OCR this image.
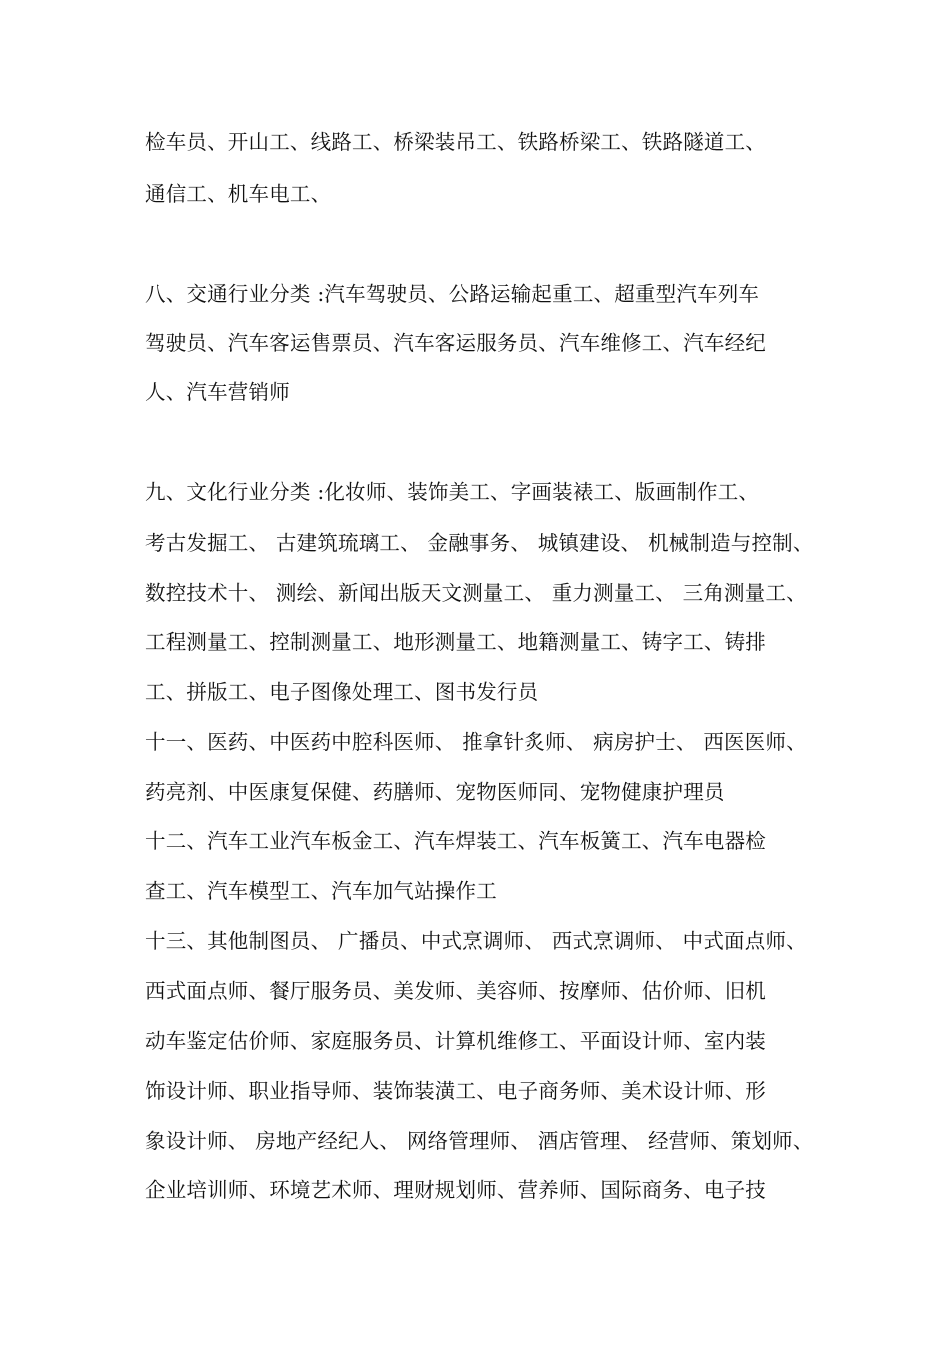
检车员、开山工、线路工、桥梁装吊工、铁路桥梁工、铁路隧道工、
通信工、机车电工、
八、交通行业分类 :汽车驾驶员、公路运输起重工、超重型汽车列车
驾驶员、汽车客运售票员、汽车客运服务员、汽车维修工、汽车经纪
人、汽车营销师
九、文化行业分类 :化妆师、装饰美工、字画装裱工、版画制作工、
考古发掘工、 古建筑琉璃工、 金融事务、 城镇建设、 机械制造与控制、
数控技术十、 测绘、新闻出版天文测量工、 重力测量工、 三角测量工、
工程测量工、控制测量工、地形测量工、地籍测量工、铸字工、铸排
工、拼版工、电子图像处理工、图书发行员
十一、医药、中医药中腔科医师、 推拿针炙师、 病房护士、 西医医师、
药亮剂、中医康复保健、药膳师、宠物医师同、宠物健康护理员
十二、汽车工业汽车板金工、汽车焊装工、汽车板簧工、汽车电器检
查工、汽车模型工、汽车加气站操作工
十三、其他制图员、 广播员、中式烹调师、 西式烹调师、 中式面点师、
西式面点师、餐厅服务员、美发师、美容师、按摩师、估价师、旧机
动车鉴定估价师、家庭服务员、计算机维修工、平面设计师、室内装
饰设计师、职业指导师、装饰装潢工、电子商务师、美术设计师、形
象设计师、 房地产经纪人、 网络管理师、 酒店管理、 经营师、策划师、
企业培训师、环境艺术师、理财规划师、营养师、国际商务、电子技
